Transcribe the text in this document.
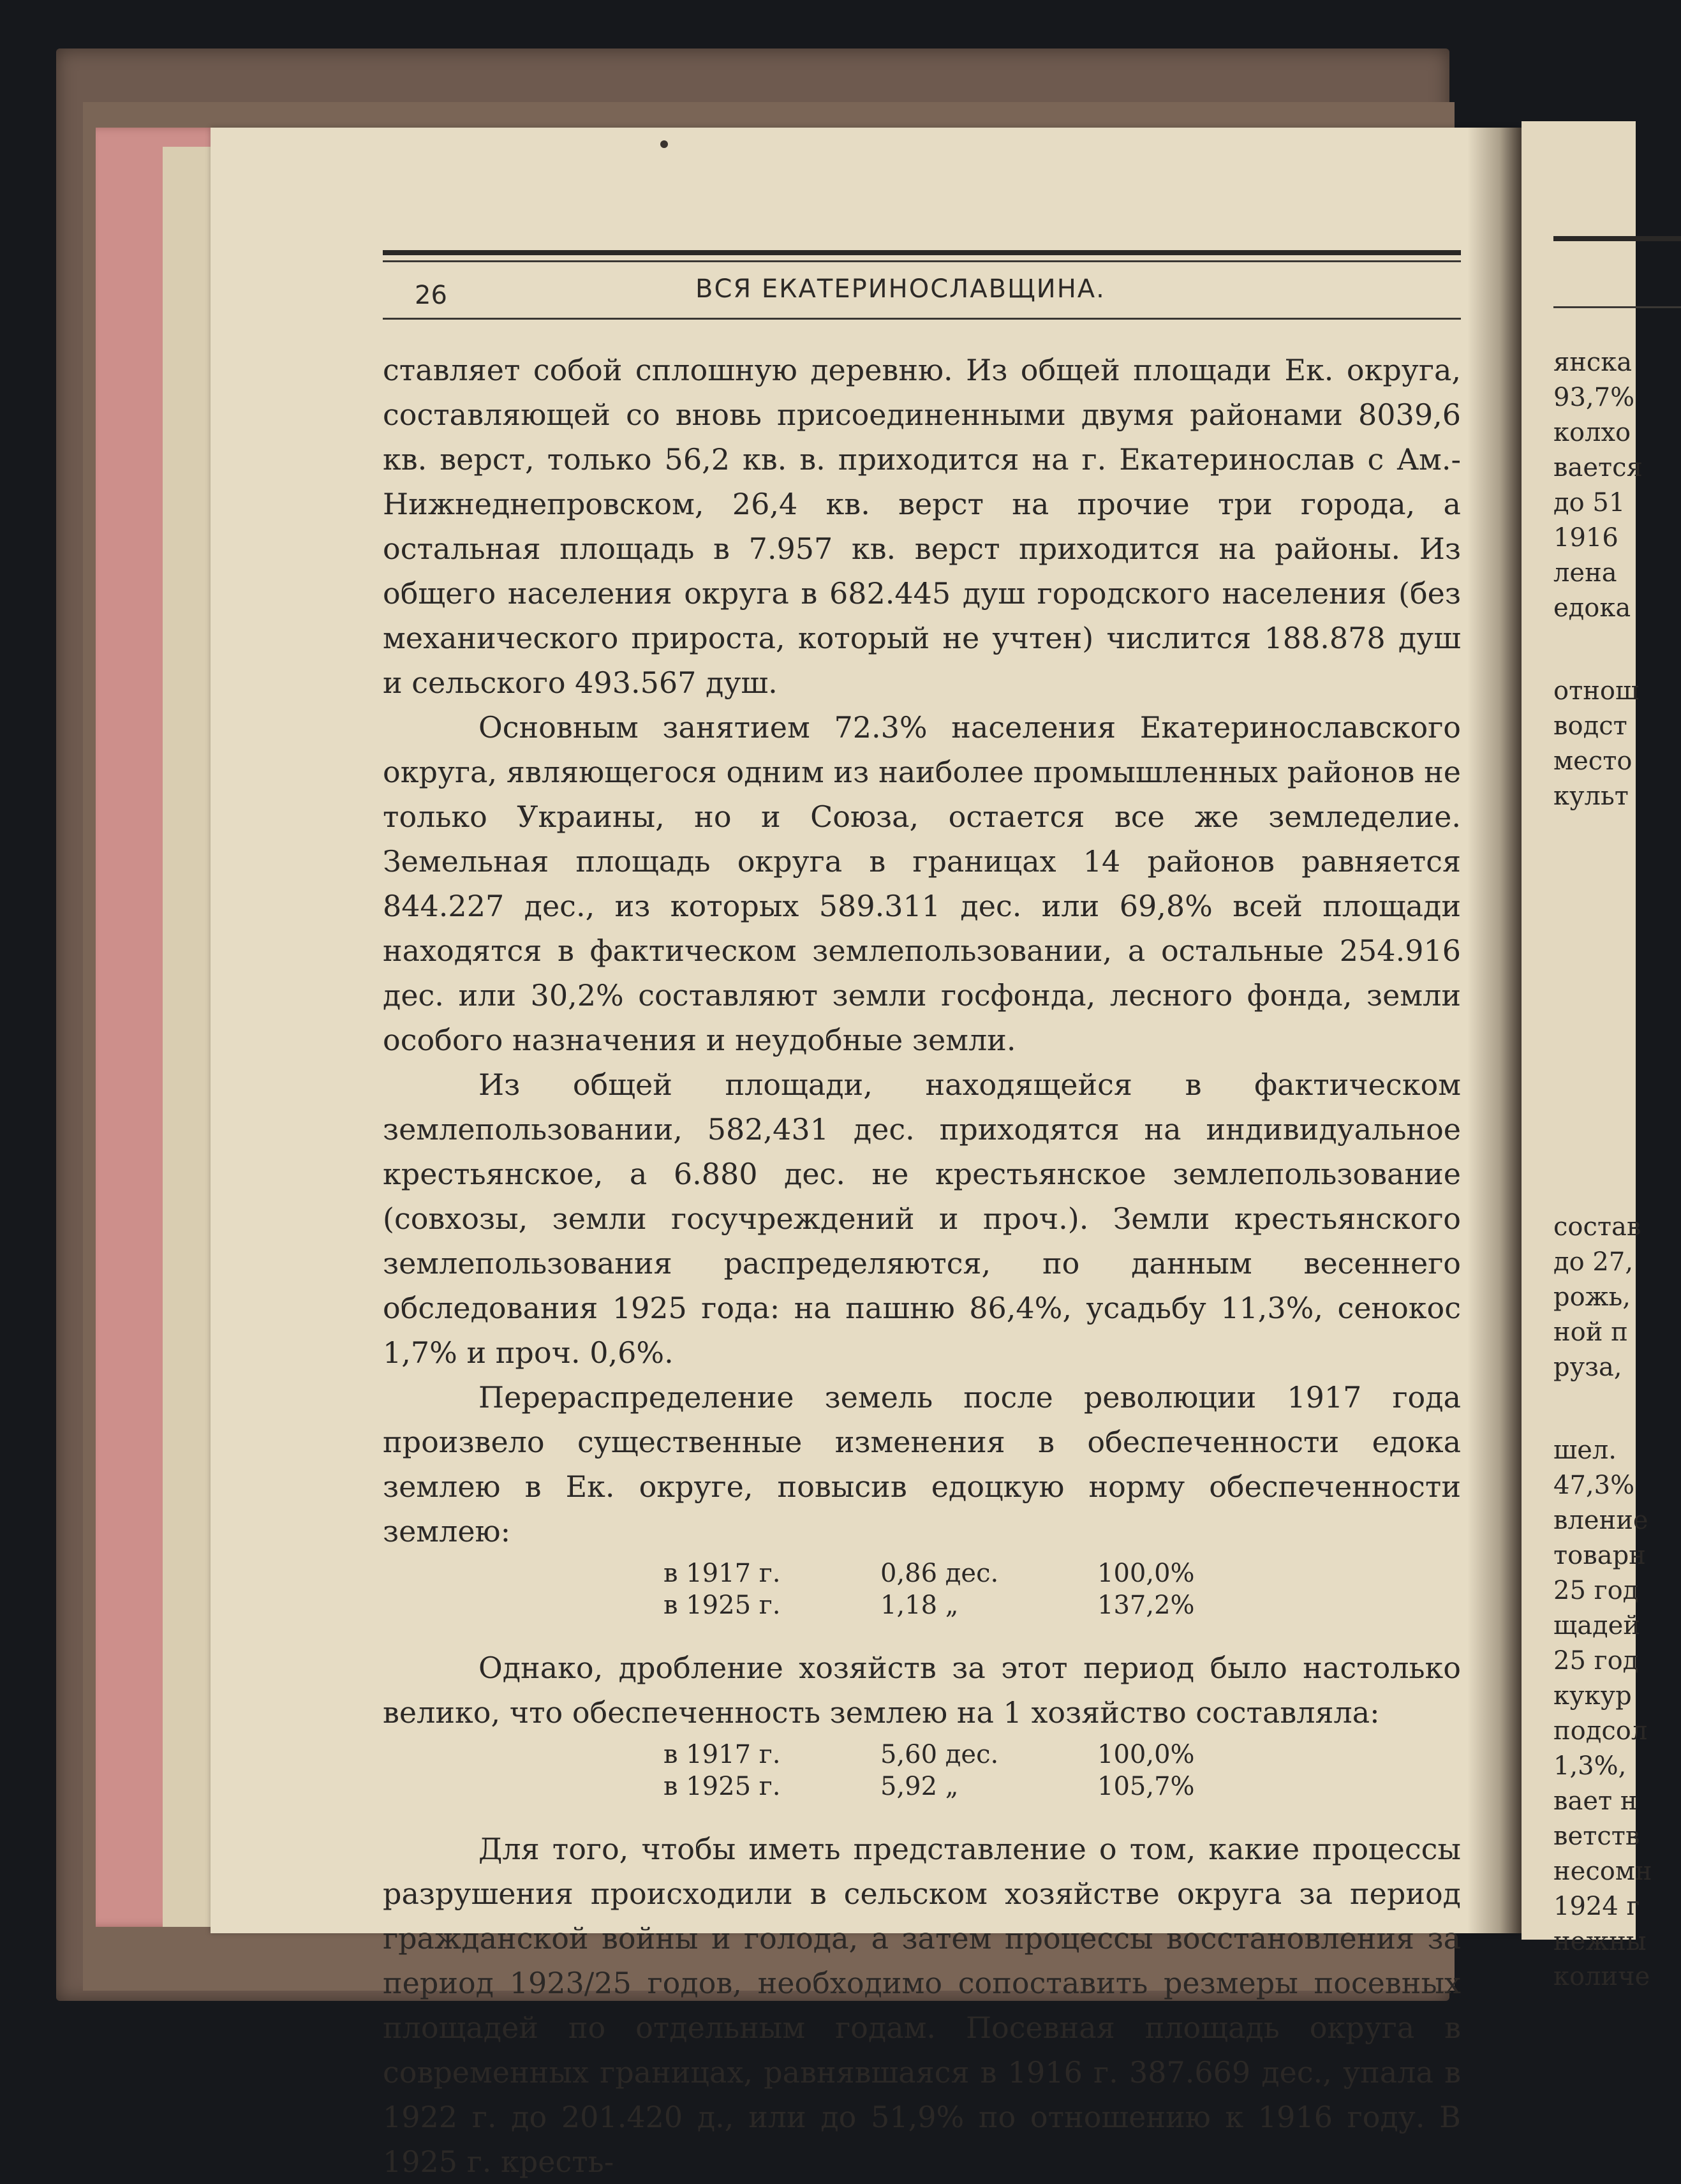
26	ВСЯ ЕКАТЕРИНОСЛАВЩИНА.

ставляет собой сплошную деревню. Из общей площади Ек. округа, составляющей со вновь присоединенными двумя районами 8039,6 кв. верст, только 56,2 кв. в. приходится на г. Екатеринослав с Ам.-Нижнеднепровском, 26,4 кв. верст на прочие три города, а остальная площадь в 7.957 кв. верст приходится на районы. Из общего населения округа в 682.445 душ городского населения (без механического прироста, который не учтен) числится 188.878 душ и сельского 493.567 душ.

Основным занятием 72.3% населения Екатеринославского округа, являющегося одним из наиболее промышленных районов не только Украины, но и Союза, остается все же земледелие. Земельная площадь округа в границах 14 районов равняется 844.227 дес., из которых 589.311 дес. или 69,8% всей площади находятся в фактическом землепользовании, а остальные 254.916 дес. или 30,2% составляют земли госфонда, лесного фонда, земли особого назначения и неудобные земли.

Из общей площади, находящейся в фактическом землепользовании, 582,431 дес. приходятся на индивидуальное крестьянское, а 6.880 дес. не крестьянское землепользование (совхозы, земли госучреждений и проч.). Земли крестьянского землепользования распределяются, по данным весеннего обследования 1925 года: на пашню 86,4%, усадьбу 11,3%, сенокос 1,7% и проч. 0,6%.

Перераспределение земель после революции 1917 года произвело существенные изменения в обеспеченности едока землею в Ек. округе, повысив едоцкую норму обеспеченности землею:

в 1917 г.	0,86 дес.	100,0%
в 1925 г.	1,18 „	137,2%

Однако, дробление хозяйств за этот период было настолько велико, что обеспеченность землею на 1 хозяйство составляла:

в 1917 г.	5,60 дес.	100,0%
в 1925 г.	5,92 „	105,7%

Для того, чтобы иметь представление о том, какие процессы разрушения происходили в сельском хозяйстве округа за период гражданской войны и голода, а затем процессы восстановления за период 1923/25 годов, необходимо сопоставить резмеры посевных площадей по отдельным годам. Посевная площадь округа в современных границах, равнявшаяся в 1916 г. 387.669 дес., упала в 1922 г. до 201.420 д., или до 51,9% по отношению к 1916 году. В 1925 г. кресть-

янска
93,7%
колхо
вается
до 51
1916
лена
едока
отнош
водст
место
культ
состав
до 27,
рожь,
ной п
руза,
шел.
47,3%
вление
товарн
25 год
щадей
25 год
кукур
подсол
1,3%,
вает н
ветств
несомн
1924 г
нежны
количе
